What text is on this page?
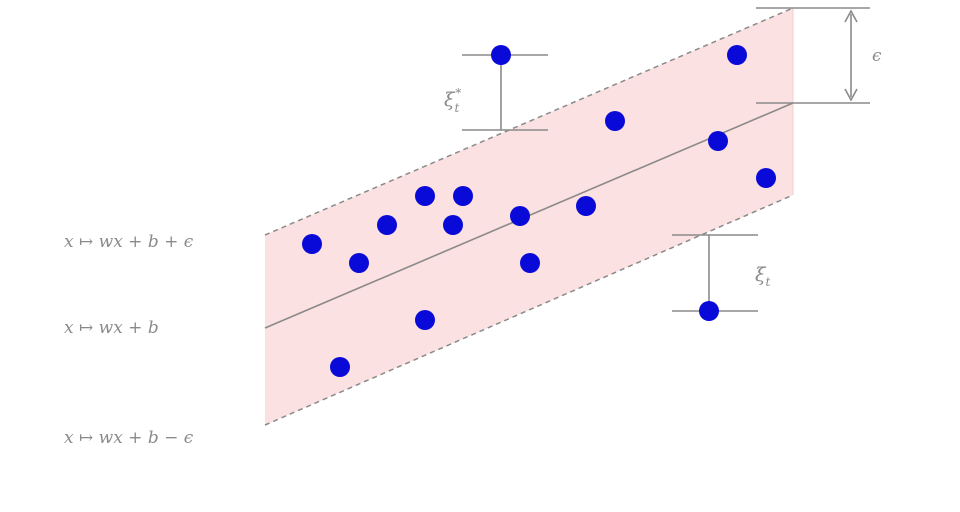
ϵ
$\xi_t*$
$\xi_t$
x ↦ wx + b + ϵ
x ↦ wx + b
x ↦ wx + b − ϵ
